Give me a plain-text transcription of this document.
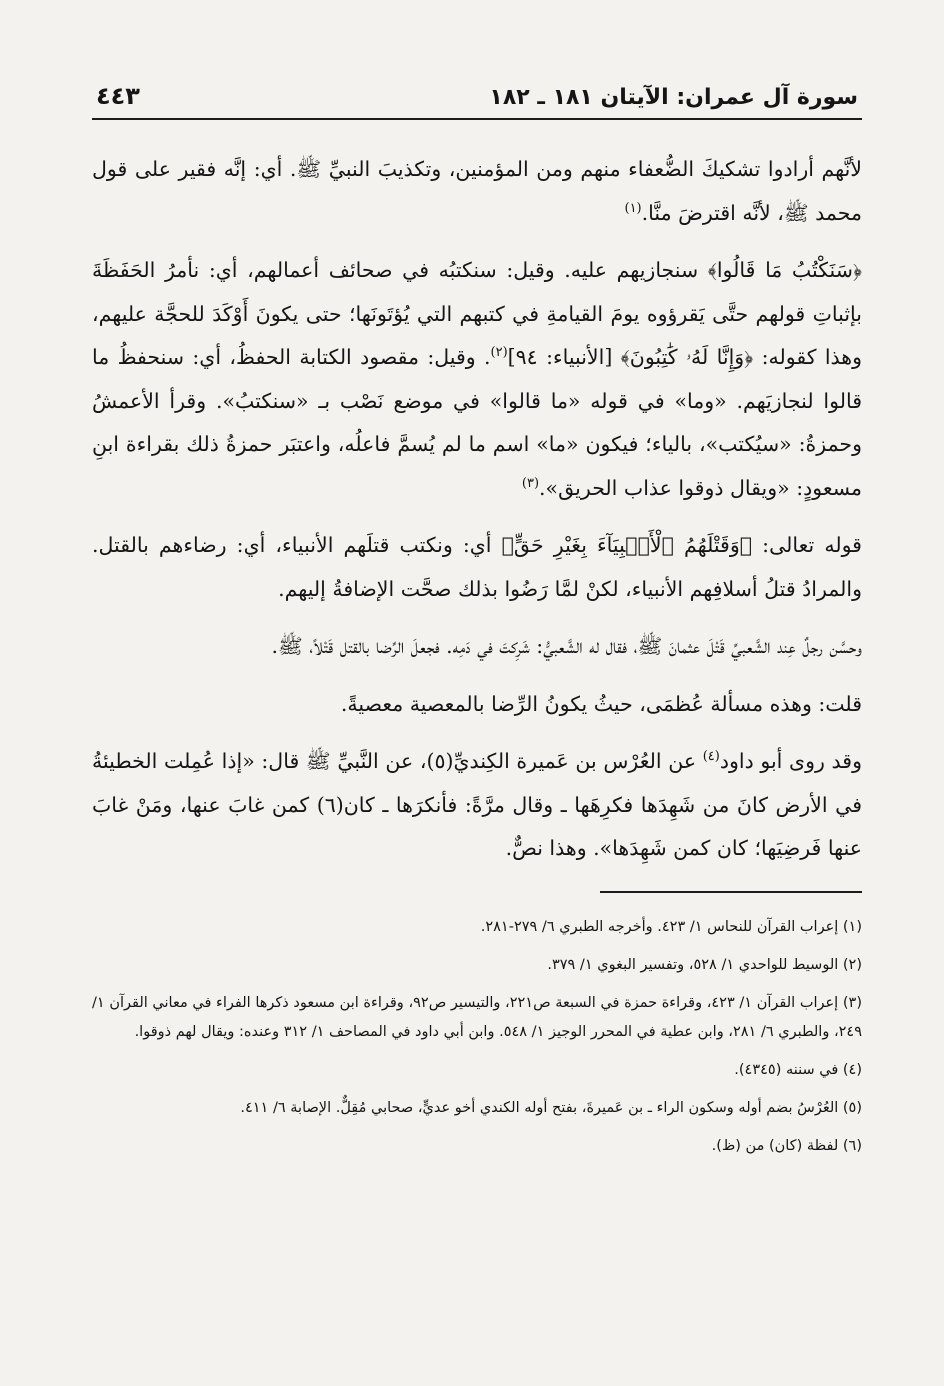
سورة آل عمران: الآيتان ١٨١ ـ ١٨٢
٤٤٣

لأنَّهم أرادوا تشكيكَ الضُّعفاء منهم ومن المؤمنين، وتكذيبَ النبيِّ ﷺ. أي: إنَّه فقير على قول محمد ﷺ، لأنَّه اقترضَ منَّا.$^{(١)}$

﴿سَنَكْتُبُ مَا قَالُوا﴾ سنجازيهم عليه. وقيل: سنكتبُه في صحائف أعمالهم، أي: نأمرُ الحَفَظَةَ بإثباتِ قولهم حتَّى يَقرؤوه يومَ القيامةِ في كتبهم التي يُؤتَونَها؛ حتى يكونَ أَوْكَدَ للحجَّة عليهم، وهذا كقوله: ﴿وَإِنَّا لَهُۥ كَٰتِبُونَ﴾ [الأنبياء: ٩٤]$^{(٢)}$. وقيل: مقصود الكتابة الحفظُ، أي: سنحفظُ ما قالوا لنجازيَهم. «وما» في قوله «ما قالوا» في موضع نَصْب بـ «سنكتبُ». وقرأ الأعمشُ وحمزةُ: «سيُكتب»، بالياء؛ فيكون «ما» اسم ما لم يُسمَّ فاعلُه، واعتبَر حمزةُ ذلك بقراءة ابنِ مسعودٍ: «ويقال ذوقوا عذاب الحريق».$^{(٣)}$

قوله تعالى: ﴿وَقَتْلَهُمُ ٱلْأَنۢبِيَآءَ بِغَيْرِ حَقٍّ﴾ أي: ونكتب قتلَهم الأنبياء، أي: رضاءهم بالقتل. والمرادُ قتلُ أسلافِهم الأنبياء، لكنْ لمَّا رَضُوا بذلك صحَّت الإضافةُ إليهم.

وحسَّن رجلٌ عِند الشَّعبيِّ قَتْلَ عثمانَ ﷺ، فقال له الشَّعبيُّ: شَرِكتَ في دَمِه. فجعلَ الرِّضا بالقتل قَتْلاً، ﷺ.

قلت: وهذه مسألة عُظمَى، حيثُ يكونُ الرِّضا بالمعصية معصيةً.

وقد روى أبو داود$^{(٤)}$ عن العُرْس بن عَميرة الكِنديِّ(٥)، عن النَّبيِّ ﷺ قال: «إذا عُمِلت الخطيئةُ في الأرض كانَ من شَهِدَها فكرِهَها ـ وقال مرَّةً: فأنكرَها ـ كان(٦) كمن غابَ عنها، ومَنْ غابَ عنها فَرضِيَها؛ كان كمن شَهِدَها». وهذا نصٌّ.

(١) إعراب القرآن للنحاس ١/ ٤٢٣. وأخرجه الطبري ٦/ ٢٧٩-٢٨١.

(٢) الوسيط للواحدي ١/ ٥٢٨، وتفسير البغوي ١/ ٣٧٩.

(٣) إعراب القرآن ١/ ٤٢٣، وقراءة حمزة في السبعة ص٢٢١، والتيسير ص٩٢، وقراءة ابن مسعود ذكرها الفراء في معاني القرآن ١/ ٢٤٩، والطبري ٦/ ٢٨١، وابن عطية في المحرر الوجيز ١/ ٥٤٨. وابن أبي داود في المصاحف ١/ ٣١٢ وعنده: ويقال لهم ذوقوا.

(٤) في سننه (٤٣٤٥).

(٥) العُرْسُ بضم أوله وسكون الراء ـ بن عَميرةَ، بفتح أوله الكندي أخو عديٍّ، صحابي مُقِلٌّ. الإصابة ٦/ ٤١١.

(٦) لفظة (كان) من (ظ).
